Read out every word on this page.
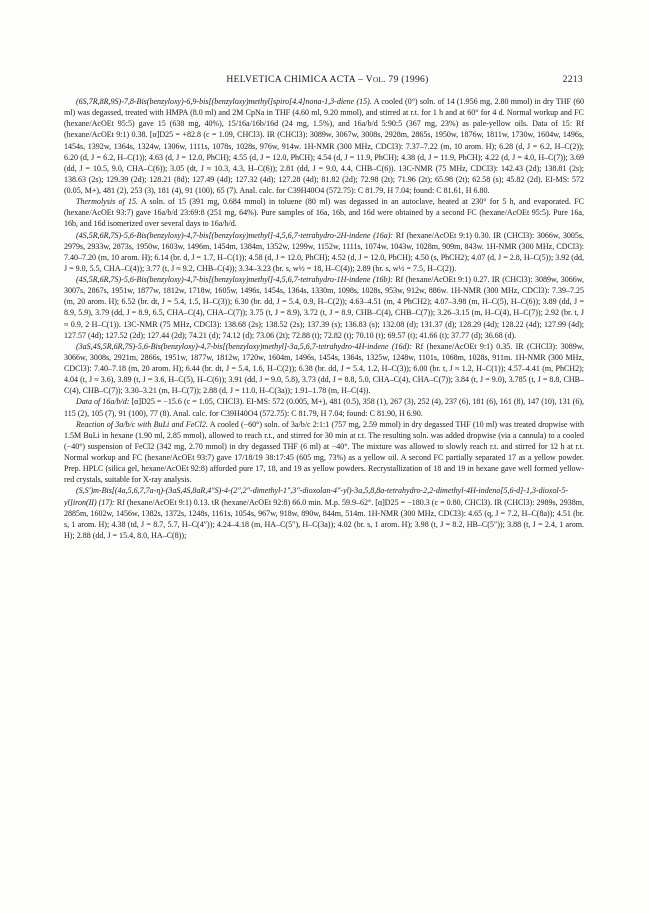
HELVETICA CHIMICA ACTA – Vol. 79 (1996)	2213

(6S,7R,8R,9S)-7,8-Bis(benzyloxy)-6,9-bis[(benzyloxy)methyl]spiro[4.4]nona-1,3-diene (15). A cooled (0°) soln. of 14 (1.956 mg, 2.80 mmol) in dry THF (60 ml) was degassed, treated with HMPA (8.0 ml) and 2M CpNa in THF (4.60 ml, 9.20 mmol), and stirred at r.t. for 1 h and at 60° for 4 d. Normal workup and FC (hexane/AcOEt 95:5) gave 15 (638 mg, 40%), 15/16a/16b/16d (24 mg, 1.5%), and 16a/b/d 5:90:5 (367 mg, 23%) as pale-yellow oils. Data of 15: Rf (hexane/AcOEt 9:1) 0.38. [α]D25 = +82.8 (c = 1.09, CHCl3). IR (CHCl3): 3089w, 3067w, 3008s, 2928m, 2865s, 1950w, 1876w, 1811w, 1730w, 1604w, 1496s, 1454s, 1392w, 1364s, 1324w, 1306w, 1111s, 1078s, 1028s, 976w, 914w. 1H-NMR (300 MHz, CDCl3): 7.37–7.22 (m, 10 arom. H); 6.28 (d, J = 6.2, H–C(2)); 6.20 (d, J = 6.2, H–C(1)); 4.63 (d, J = 12.0, PhCH); 4.55 (d, J = 12.0, PhCH); 4.54 (d, J = 11.9, PhCH); 4.38 (d, J = 11.9, PhCH); 4.22 (d, J = 4.0, H–C(7)); 3.69 (dd, J = 10.5, 9.0, CHA–C(6)); 3.05 (dt, J ≈ 10.3, 4.3, H–C(6)); 2.81 (dd, J = 9.0, 4.4, CHB–C(6)). 13C-NMR (75 MHz, CDCl3): 142.43 (2d); 138.81 (2s); 138.63 (2s); 129.39 (2d); 128.21 (8d); 127.49 (4d); 127.32 (4d); 127.28 (4d); 81.82 (2d); 72.98 (2t); 71.96 (2t); 65.98 (2t); 62.58 (s); 45.82 (2d). EI-MS: 572 (0.05, M+), 481 (2), 253 (3), 181 (4), 91 (100), 65 (7). Anal. calc. for C39H40O4 (572.75): C 81.79, H 7.04; found: C 81.61, H 6.80.

Thermolysis of 15. A soln. of 15 (391 mg, 0.684 mmol) in toluene (80 ml) was degassed in an autoclave, heated at 230° for 5 h, and evaporated. FC (hexane/AcOEt 93:7) gave 16a/b/d 23:69:8 (251 mg, 64%). Pure samples of 16a, 16b, and 16d were obtained by a second FC (hexane/AcOEt 95:5). Pure 16a, 16b, and 16d isomerized over several days to 16a/b/d.

(4S,5R,6R,7S)-5,6-Bis(benzyloxy)-4,7-bis[(benzyloxy)methyl]-4,5,6,7-tetrahydro-2H-indene (16a): Rf (hexane/AcOEt 9:1) 0.30. IR (CHCl3): 3066w, 3005s, 2979s, 2933w, 2873s, 1950w, 1603w, 1496m, 1454m, 1384m, 1352w, 1299w, 1152w, 1111s, 1074w, 1043w, 1028m, 909m, 843w. 1H-NMR (300 MHz, CDCl3): 7.40–7.20 (m, 10 arom. H); 6.14 (br. d, J = 1.7, H–C(1)); 4.58 (d, J = 12.0, PhCH); 4.52 (d, J = 12.0, PhCH); 4.50 (s, PhCH2); 4.07 (d, J = 2.8, H–C(5)); 3.92 (dd, J = 9.0, 5.5, CHA–C(4)); 3.77 (t, J ≈ 9.2, CHB–C(4)); 3.34–3.23 (br. s, w½ = 18, H–C(4)); 2.89 (br. s, w½ = 7.5, H–C(2)).

(4S,5R,6R,7S)-5,6-Bis(benzyloxy)-4,7-bis[(benzyloxy)methyl]-4,5,6,7-tetrahydro-1H-indene (16b): Rf (hexane/AcOEt 9:1) 0.27. IR (CHCl3): 3089w, 3066w, 3007s, 2867s, 1951w, 1877w, 1812w, 1718w, 1605w, 1496s, 1454s, 1364s, 1330m, 1098s, 1028s, 953w, 912w, 886w. 1H-NMR (300 MHz, CDCl3): 7.39–7.25 (m, 20 arom. H); 6.52 (br. dt, J = 5.4, 1.5, H–C(3)); 6.30 (br. dd, J = 5.4, 0.9, H–C(2)); 4.63–4.51 (m, 4 PhCH2); 4.07–3.98 (m, H–C(5), H–C(6)); 3.89 (dd, J = 8.9, 5.9), 3.79 (dd, J = 8.9, 6.5, CHA–C(4), CHA–C(7)); 3.75 (t, J = 8.9), 3.72 (t, J = 8.9, CHB–C(4), CHB–C(7)); 3.26–3.15 (m, H–C(4), H–C(7)); 2.92 (br. t, J ≈ 0.9, 2 H–C(1)). 13C-NMR (75 MHz, CDCl3): 138.68 (2s); 138.52 (2s); 137.39 (s); 136.83 (s); 132.08 (d); 131.37 (d); 128.29 (4d); 128.22 (4d); 127.99 (4d); 127.57 (4d); 127.52 (2d); 127.44 (2d); 74.21 (d); 74.12 (d); 73.06 (2t); 72.88 (t); 72.82 (t); 70.10 (t); 69.57 (t); 41.66 (t); 37.77 (d); 36.68 (d).

(3aS,4S,5R,6R,7S)-5,6-Bis(benzyloxy)-4,7-bis[(benzyloxy)methyl]-3a,5,6,7-tetrahydro-4H-indene (16d): Rf (hexane/AcOEt 9:1) 0.35. IR (CHCl3): 3089w, 3066w, 3008s, 2921m, 2866s, 1951w, 1877w, 1812w, 1720w, 1604m, 1496s, 1454s, 1364s, 1325w, 1248w, 1101s, 1068m, 1028s, 911m. 1H-NMR (300 MHz, CDCl3): 7.40–7.18 (m, 20 arom. H); 6.44 (br. dt, J = 5.4, 1.6, H–C(2)); 6.38 (br. dd, J = 5.4, 1.2, H–C(3)); 6.00 (br. t, J ≈ 1.2, H–C(1)); 4.57–4.41 (m, PhCH2); 4.04 (t, J ≈ 3.6), 3.89 (t, J = 3.6, H–C(5), H–C(6)); 3.91 (dd, J = 9.0, 5.8), 3.73 (dd, J = 8.8, 5.0, CHA–C(4), CHA–C(7)); 3.84 (t, J = 9.0), 3.785 (t, J = 8.8, CHB–C(4), CHB–C(7)); 3.30–3.21 (m, H–C(7)); 2.88 (d, J = 11.0, H–C(3a)); 1.91–1.78 (m, H–C(4)).

Data of 16a/b/d: [α]D25 = −15.6 (c = 1.05, CHCl3). EI-MS: 572 (0.005, M+), 481 (0.5), 358 (1), 267 (3), 252 (4), 237 (6), 181 (6), 161 (8), 147 (10), 131 (6), 115 (2), 105 (7), 91 (100), 77 (8). Anal. calc. for C39H40O4 (572.75): C 81.79, H 7.04; found: C 81.90, H 6.90.

Reaction of 3a/b/c with BuLi and FeCl2. A cooled (−60°) soln. of 3a/b/c 2:1:1 (757 mg, 2.59 mmol) in dry degassed THF (10 ml) was treated dropwise with 1.5M BuLi in hexane (1.90 ml, 2.85 mmol), allowed to reach r.t., and stirred for 30 min at r.t. The resulting soln. was added dropwise (via a cannula) to a cooled (−40°) suspension of FeCl2 (342 mg, 2.70 mmol) in dry degassed THF (6 ml) at −40°. The mixture was allowed to slowly reach r.t. and stirred for 12 h at r.t. Normal workup and FC (hexane/AcOEt 93:7) gave 17/18/19 38:17:45 (605 mg, 73%) as a yellow oil. A second FC partially separated 17 as a yellow powder. Prep. HPLC (silica gel, hexane/AcOEt 92:8) afforded pure 17, 18, and 19 as yellow powders. Recrystallization of 18 and 19 in hexane gave well formed yellow-red crystals, suitable for X-ray analysis.

(S,S′)m-Bis[(4a,5,6,7,7a-η)-(3aS,4S,8aR,4″S)-4-(2″,2″-dimethyl-1″,3″-dioxolan-4″-yl)-3a,5,8,8a-tetrahydro-2,2-dimethyl-4H-indeno[5,6-d]-1,3-dioxol-5-yl]iron(II) (17): Rf (hexane/AcOEt 9:1) 0.13. tR (hexane/AcOEt 92:8) 66.0 min. M.p. 59.9–62°. [α]D25 = −180.3 (c = 0.80, CHCl3). IR (CHCl3): 2989s, 2938m, 2885m, 1602w, 1456w, 1382s, 1372s, 1248s, 1161s, 1054s, 967w, 918w, 890w, 844m, 514m. 1H-NMR (300 MHz, CDCl3): 4.65 (q, J = 7.2, H–C(8a)); 4.51 (br. s, 1 arom. H); 4.38 (td, J = 8.7, 5.7, H–C(4″)); 4.24–4.18 (m, HA–C(5″), H–C(3a)); 4.02 (br. s, 1 arom. H); 3.98 (t, J = 8.2, HB–C(5″)); 3.88 (t, J = 2.4, 1 arom. H); 2.88 (dd, J = 15.4, 8.0, HA–C(8));
